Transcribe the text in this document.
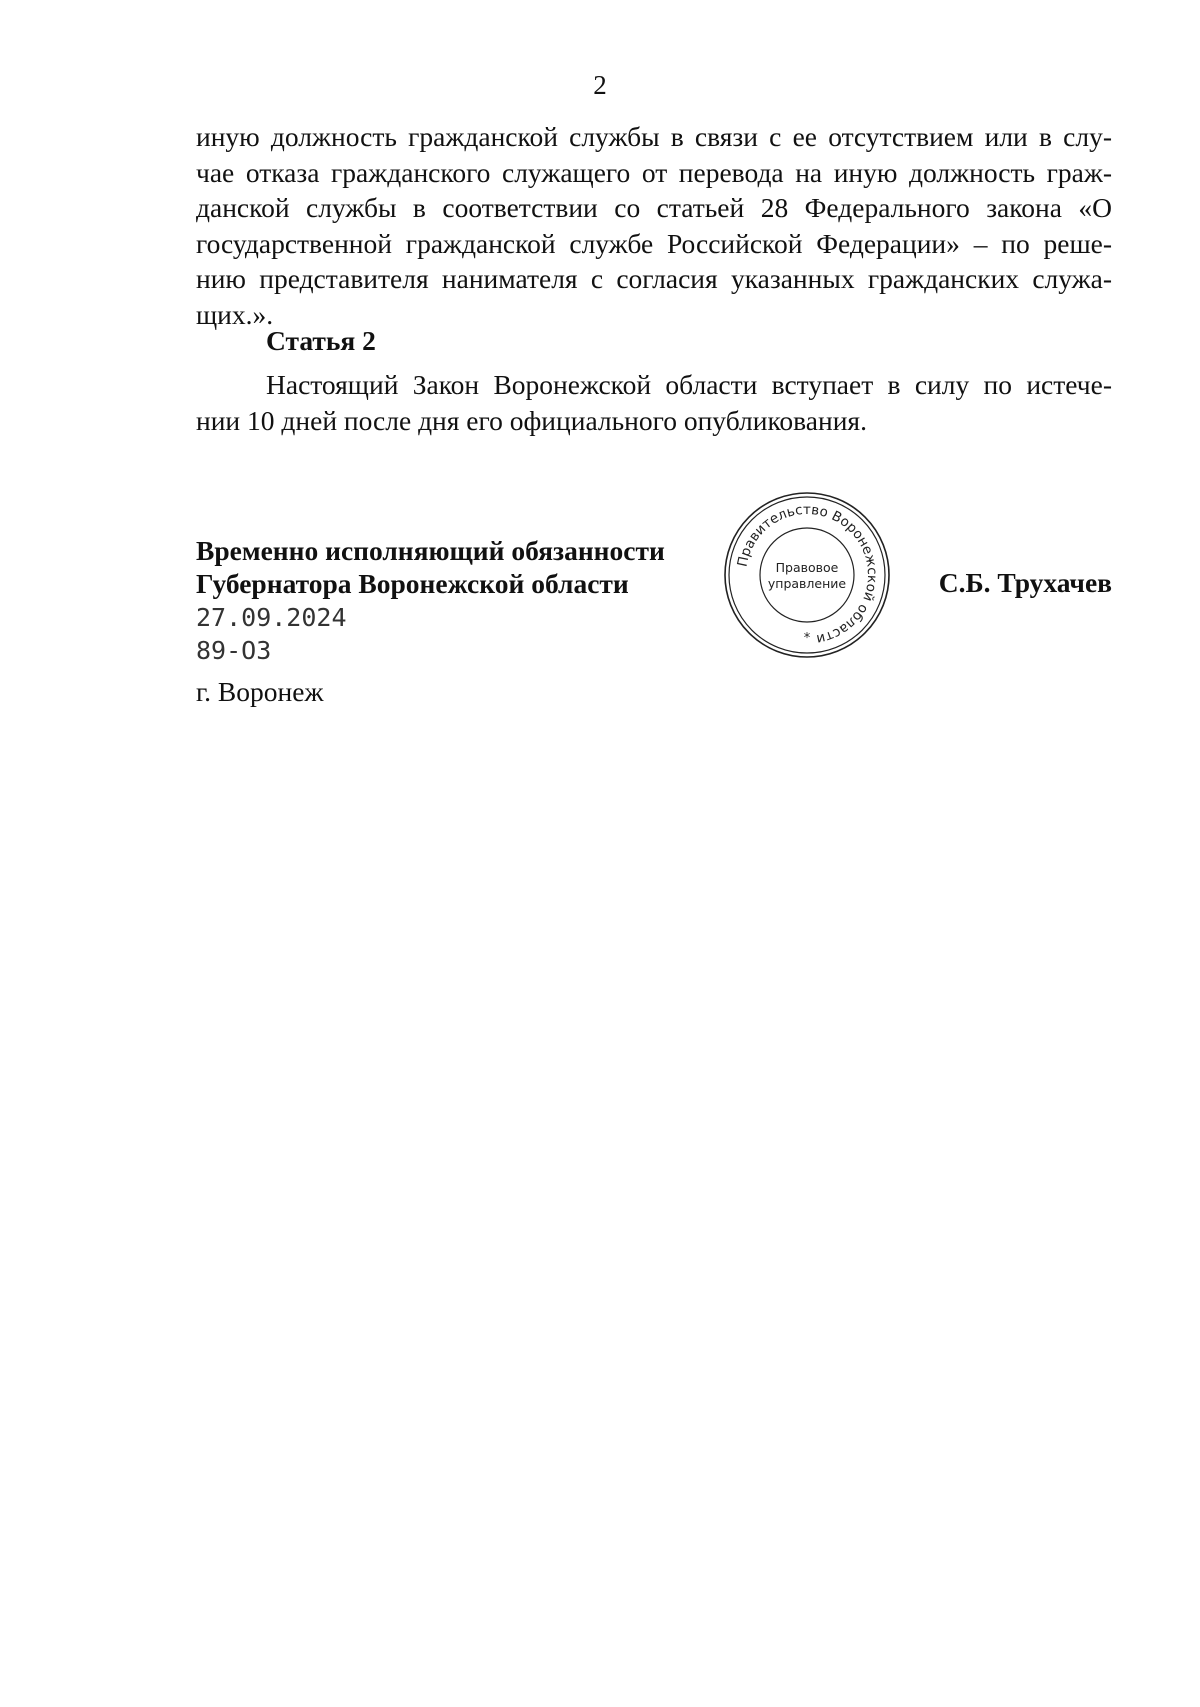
2
иную должность гражданской службы в связи с ее отсутствием или в слу-
чае отказа гражданского служащего от перевода на иную должность граж-
данской службы в соответствии со статьей 28 Федерального закона «О
государственной гражданской службе Российской Федерации» – по реше-
нию представителя нанимателя с согласия указанных гражданских служа-
щих.».
Статья 2
Настоящий Закон Воронежской области вступает в силу по истече-
нии 10 дней после дня его официального опубликования.
Временно исполняющий обязанности
Губернатора Воронежской области
27.09.2024
89-ОЗ
г. Воронеж
Правительство Воронежской области
Правовое
управление
*
С.Б. Трухачев
